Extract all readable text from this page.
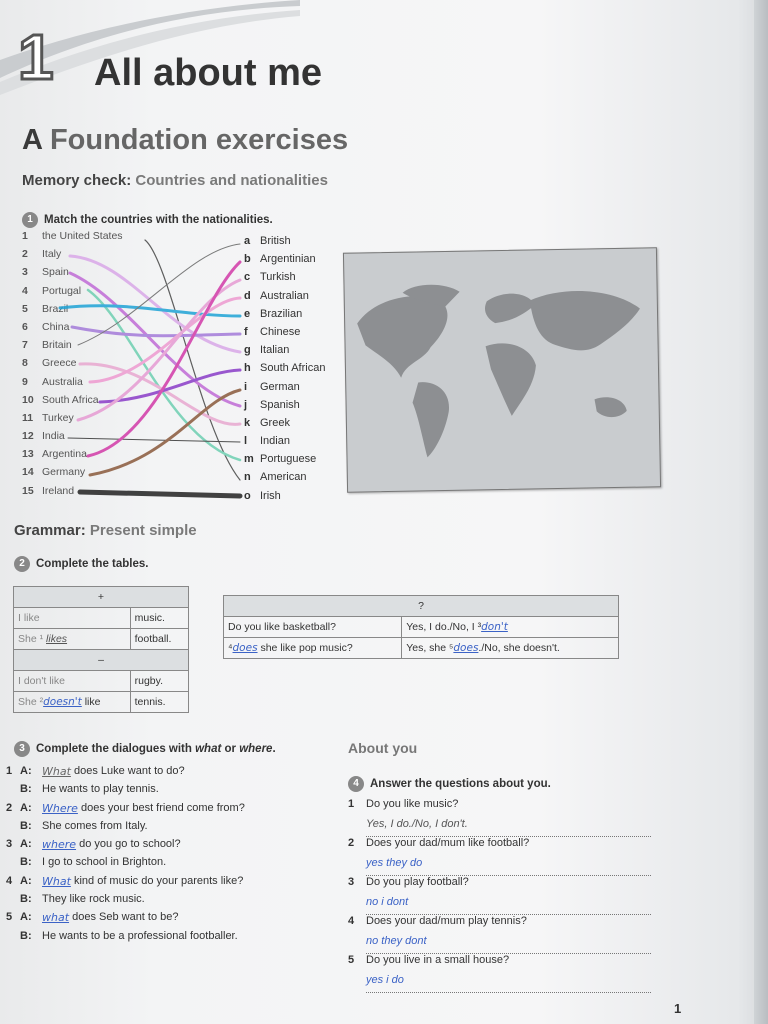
1 All about me
A Foundation exercises
Memory check: Countries and nationalities
1 Match the countries with the nationalities.
1	the United States
2	Italy
3	Spain
4	Portugal
5	Brazil
6	China
7	Britain
8	Greece
9	Australia
10 South Africa
11 Turkey
12 India
13 Argentina
14 Germany
15 Ireland
a British
b Argentinian
c Turkish
d Australian
e Brazilian
f	Chinese
g Italian
h South African
i	German
j	Spanish
k Greek
l	Indian
m Portuguese
n American
o Irish
Grammar: Present simple
2 Complete the tables.
+	
I like	music.
She ¹ likes	football.
–	
I don't like	rugby.
She ²doesn't like	tennis.
?	
Do you like basketball?	Yes, I do./No, I ³don't
⁴does she like pop music?	Yes, she ⁵does./No, she doesn't.
3 Complete the dialogues with what or where.
1 A: What
does Luke want to do?
B: He wants to play tennis.
2 A: Where
does your best friend come from?
B: She comes from Italy.
3 A: where
do you go to school?
B: I go to school in Brighton.
4 A: What
kind of music do your parents like?
B: They like rock music.
5 A: what
does Seb want to be?
B: He wants to be a professional footballer.
About you
4 Answer the questions about you.
1	Do you like music?
Yes, I do./No, I don't.
2	Does your dad/mum like football?
yes they do
3	Do you play football?
no i dont
4	Does your dad/mum play tennis?
no they dont
5	Do you live in a small house?
yes i do
1
